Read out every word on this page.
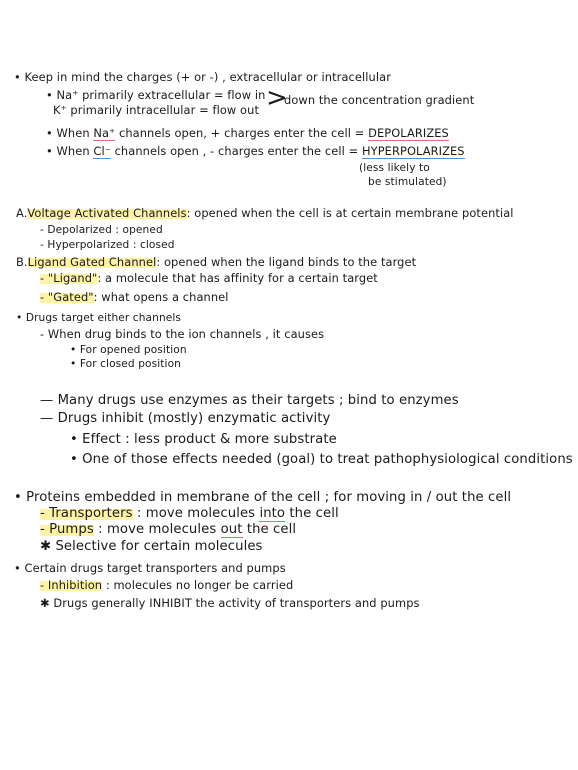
• Keep in mind the charges (+ or -) , extracellular or intracellular
• Na⁺ primarily extracellular = flow in
K⁺ primarily intracellular = flow out >
down the concentration gradient
• When Na⁺ channels open, + charges enter the cell = DEPOLARIZES
• When Cl⁻ channels open , - charges enter the cell = HYPERPOLARIZES
(less likely to
be stimulated)
A.Voltage Activated Channels: opened when the cell is at certain membrane potential
- Depolarized : opened
- Hyperpolarized : closed
B.Ligand Gated Channel: opened when the ligand binds to the target
- "Ligand": a molecule that has affinity for a certain target
- "Gated": what opens a channel
• Drugs target either channels
- When drug binds to the ion channels , it causes
• For opened position
• For closed position
— Many drugs use enzymes as their targets ; bind to enzymes
— Drugs inhibit (mostly) enzymatic activity
• Effect : less product & more substrate
• One of those effects needed (goal) to treat pathophysiological conditions
• Proteins embedded in membrane of the cell ; for moving in / out the cell
- Transporters : move molecules into the cell
- Pumps : move molecules out the cell
✱ Selective for certain molecules
• Certain drugs target transporters and pumps
- Inhibition : molecules no longer be carried
✱ Drugs generally INHIBIT the activity of transporters and pumps
